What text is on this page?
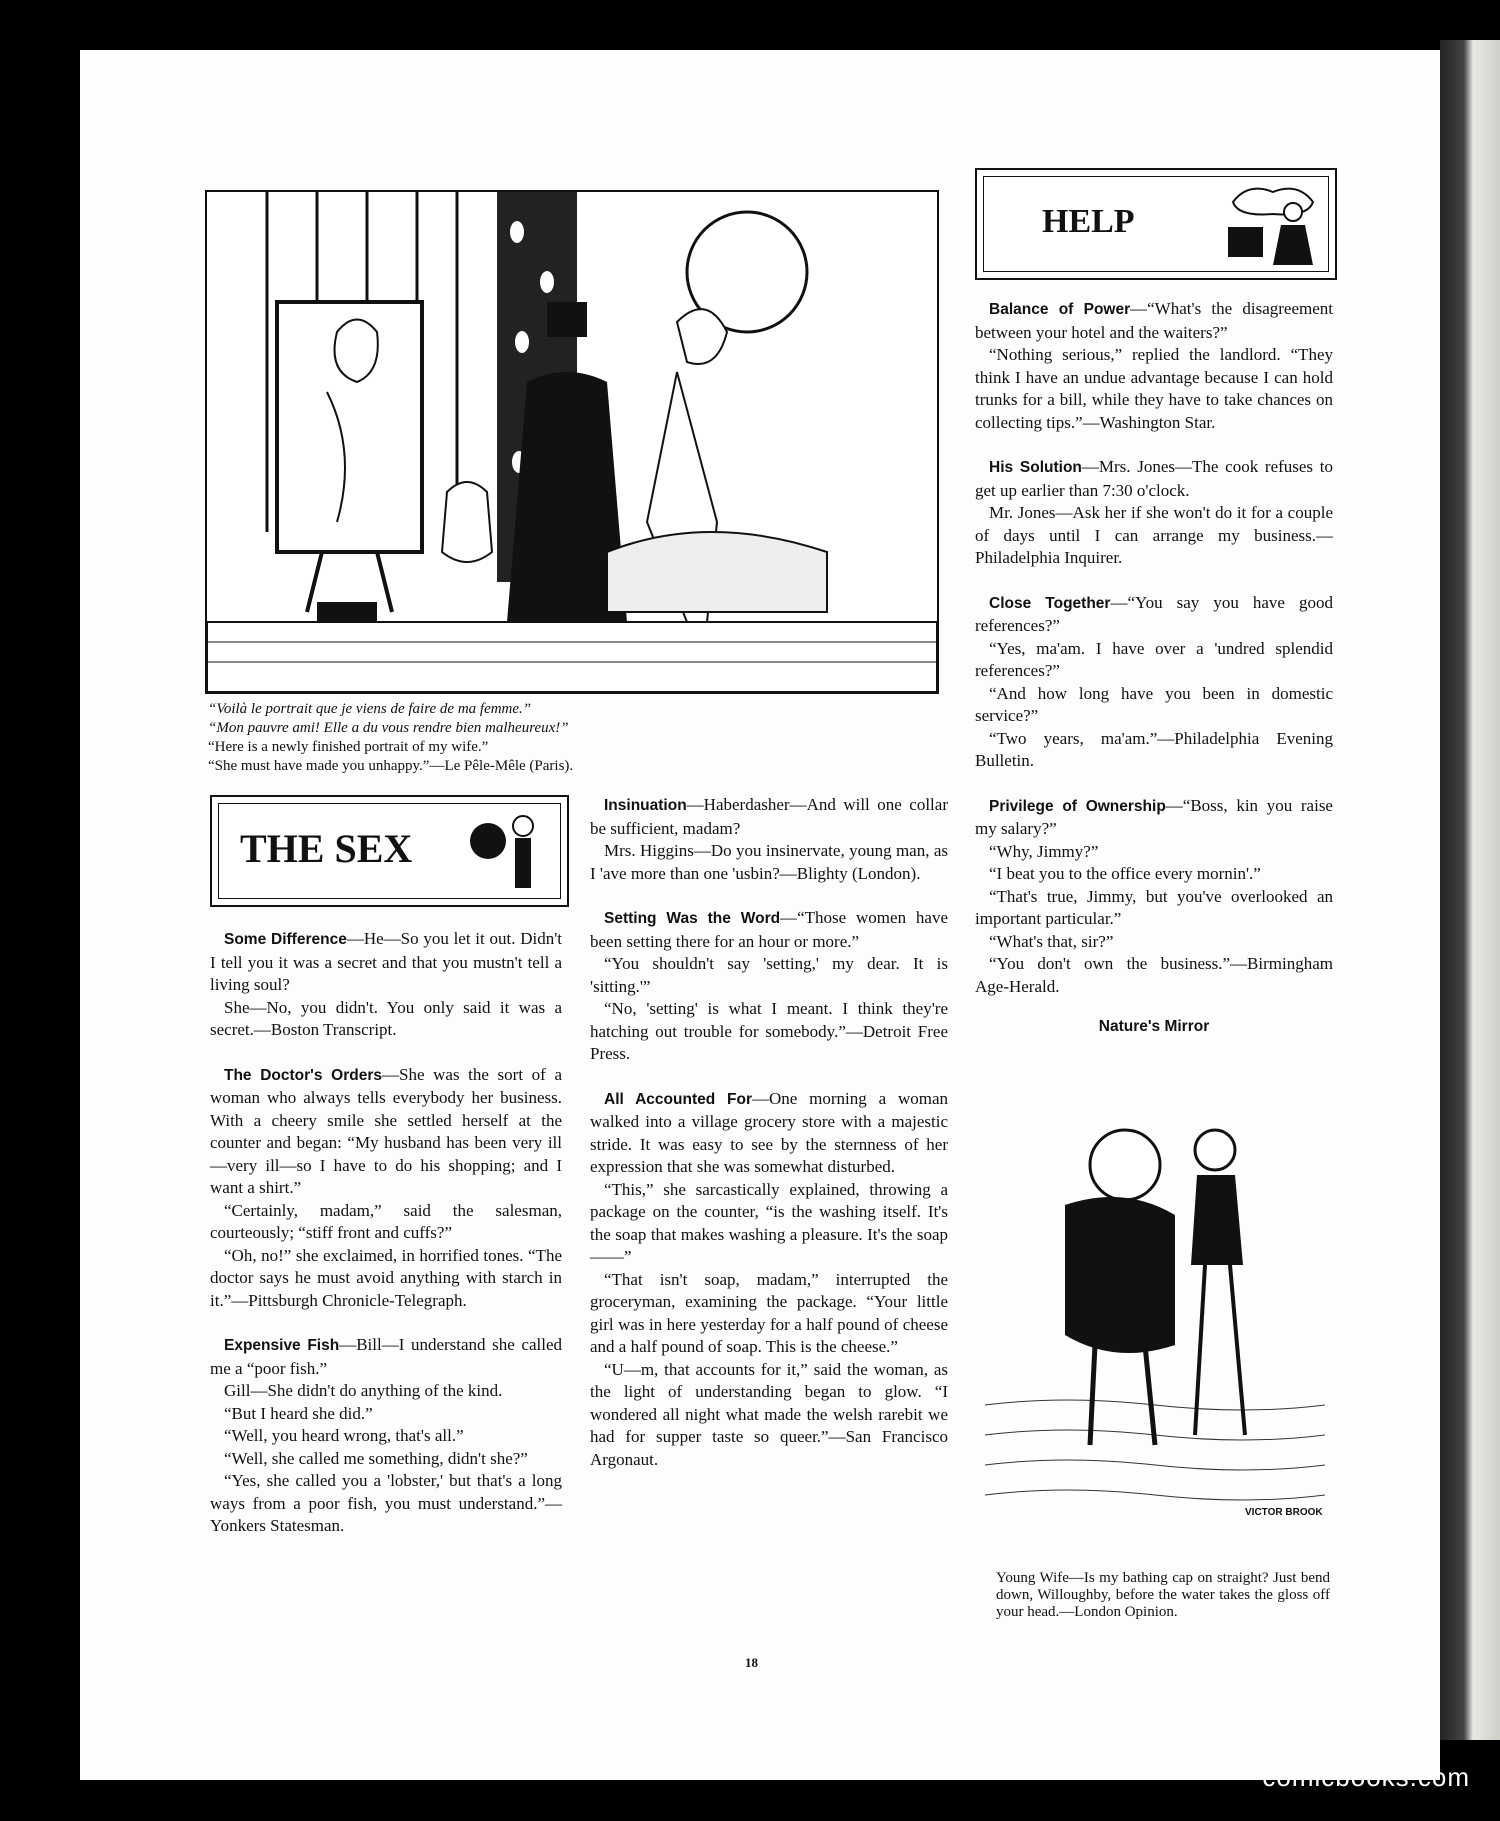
“Voilà le portrait que je viens de faire de ma femme.”

“Mon pauvre ami! Elle a du vous rendre bien malheureux!”

“Here is a newly finished portrait of my wife.”

“She must have made you unhappy.”—Le Pêle-Mêle (Paris).

THE SEX
HELP

Some Difference—He—So you let it out. Didn't I tell you it was a secret and that you mustn't tell a living soul?

She—No, you didn't. You only said it was a secret.—Boston Transcript.

The Doctor's Orders—She was the sort of a woman who always tells everybody her business. With a cheery smile she settled herself at the counter and began: “My husband has been very ill—very ill—so I have to do his shopping; and I want a shirt.”

“Certainly, madam,” said the salesman, courteously; “stiff front and cuffs?”

“Oh, no!” she exclaimed, in horrified tones. “The doctor says he must avoid anything with starch in it.”—Pittsburgh Chronicle-Telegraph.

Expensive Fish—Bill—I understand she called me a “poor fish.”

Gill—She didn't do anything of the kind.

“But I heard she did.”

“Well, you heard wrong, that's all.”

“Well, she called me something, didn't she?”

“Yes, she called you a 'lobster,' but that's a long ways from a poor fish, you must understand.”—Yonkers Statesman.

Insinuation—Haberdasher—And will one collar be sufficient, madam?

Mrs. Higgins—Do you insinervate, young man, as I 'ave more than one 'usbin?—Blighty (London).

Setting Was the Word—“Those women have been setting there for an hour or more.”

“You shouldn't say 'setting,' my dear. It is 'sitting.'”

“No, 'setting' is what I meant. I think they're hatching out trouble for somebody.”—Detroit Free Press.

All Accounted For—One morning a woman walked into a village grocery store with a majestic stride. It was easy to see by the sternness of her expression that she was somewhat disturbed.

“This,” she sarcastically explained, throwing a package on the counter, “is the washing itself. It's the soap that makes washing a pleasure. It's the soap——”

“That isn't soap, madam,” interrupted the groceryman, examining the package. “Your little girl was in here yesterday for a half pound of cheese and a half pound of soap. This is the cheese.”

“U—m, that accounts for it,” said the woman, as the light of understanding began to glow. “I wondered all night what made the welsh rarebit we had for supper taste so queer.”—San Francisco Argonaut.

Balance of Power—“What's the disagreement between your hotel and the waiters?”

“Nothing serious,” replied the landlord. “They think I have an undue advantage because I can hold trunks for a bill, while they have to take chances on collecting tips.”—Washington Star.

His Solution—Mrs. Jones—The cook refuses to get up earlier than 7:30 o'clock.

Mr. Jones—Ask her if she won't do it for a couple of days until I can arrange my business.—Philadelphia Inquirer.

Close Together—“You say you have good references?”

“Yes, ma'am. I have over a 'undred splendid references?”

“And how long have you been in domestic service?”

“Two years, ma'am.”—Philadelphia Evening Bulletin.

Privilege of Ownership—“Boss, kin you raise my salary?”

“Why, Jimmy?”

“I beat you to the office every mornin'.”

“That's true, Jimmy, but you've overlooked an important particular.”

“What's that, sir?”

“You don't own the business.”—Birmingham Age-Herald.

Nature's Mirror
VICTOR BROOK
Young Wife—Is my bathing cap on straight? Just bend down, Willoughby, before the water takes the gloss off your head.—London Opinion.
18
comicbooks.com
